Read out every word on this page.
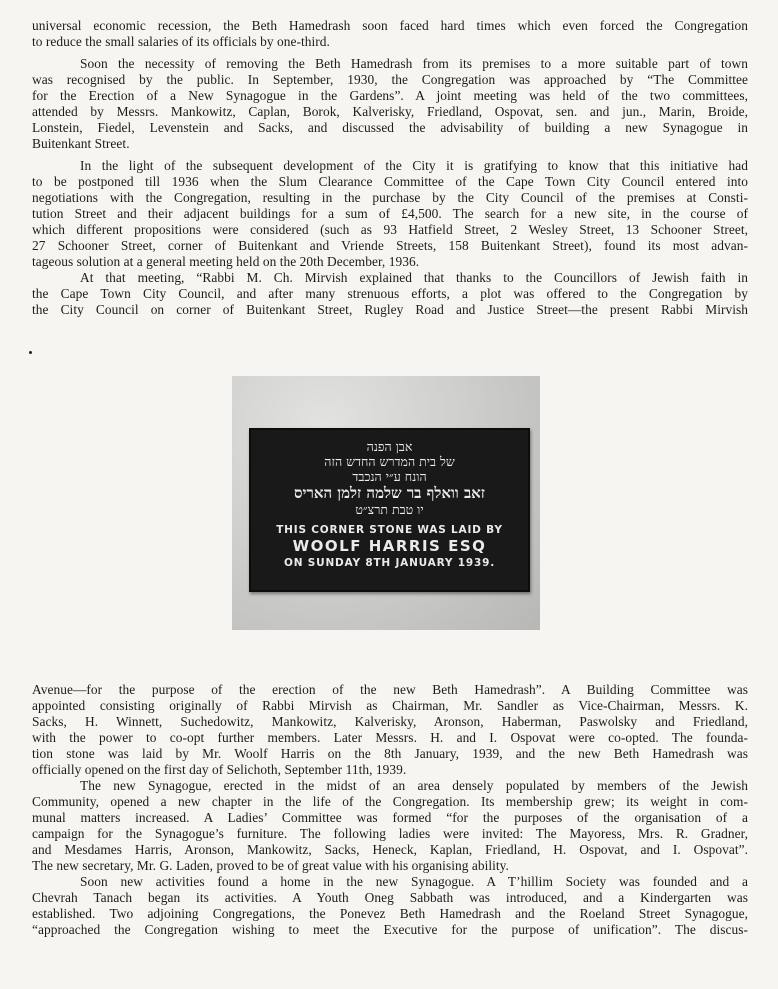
universal economic recession, the Beth Hamedrash soon faced hard times which even forced the Congregation
to reduce the small salaries of its officials by one-third.

Soon the necessity of removing the Beth Hamedrash from its premises to a more suitable part of town
was recognised by the public. In September, 1930, the Congregation was approached by “The Committee
for the Erection of a New Synagogue in the Gardens”. A joint meeting was held of the two committees,
attended by Messrs. Mankowitz, Caplan, Borok, Kalverisky, Friedland, Ospovat, sen. and jun., Marin, Broide,
Lonstein, Fiedel, Levenstein and Sacks, and discussed the advisability of building a new Synagogue in
Buitenkant Street.

In the light of the subsequent development of the City it is gratifying to know that this initiative had
to be postponed till 1936 when the Slum Clearance Committee of the Cape Town City Council entered into
negotiations with the Congregation, resulting in the purchase by the City Council of the premises at Consti-
tution Street and their adjacent buildings for a sum of £4,500. The search for a new site, in the course of
which different propositions were considered (such as 93 Hatfield Street, 2 Wesley Street, 13 Schooner Street,
27 Schooner Street, corner of Buitenkant and Vriende Streets, 158 Buitenkant Street), found its most advan-
tageous solution at a general meeting held on the 20th December, 1936.

At that meeting, “Rabbi M. Ch. Mirvish explained that thanks to the Councillors of Jewish faith in
the Cape Town City Council, and after many strenuous efforts, a plot was offered to the Congregation by
the City Council on corner of Buitenkant Street, Rugley Road and Justice Street—the present Rabbi Mirvish

אבן הפנה
של בית המדרש החדש הזה
הונח ע״י הנכבד
זאב וואלף בר שלמה זלמן האריס
יו טבת תרצ״ט
THIS CORNER STONE WAS LAID BY
WOOLF HARRIS ESQ
ON SUNDAY 8TH JANUARY 1939.

Avenue—for the purpose of the erection of the new Beth Hamedrash”. A Building Committee was
appointed consisting originally of Rabbi Mirvish as Chairman, Mr. Sandler as Vice-Chairman, Messrs. K.
Sacks, H. Winnett, Suchedowitz, Mankowitz, Kalverisky, Aronson, Haberman, Paswolsky and Friedland,
with the power to co-opt further members. Later Messrs. H. and I. Ospovat were co-opted. The founda-
tion stone was laid by Mr. Woolf Harris on the 8th January, 1939, and the new Beth Hamedrash was
officially opened on the first day of Selichoth, September 11th, 1939.

The new Synagogue, erected in the midst of an area densely populated by members of the Jewish
Community, opened a new chapter in the life of the Congregation. Its membership grew; its weight in com-
munal matters increased. A Ladies’ Committee was formed “for the purposes of the organisation of a
campaign for the Synagogue’s furniture. The following ladies were invited: The Mayoress, Mrs. R. Gradner,
and Mesdames Harris, Aronson, Mankowitz, Sacks, Heneck, Kaplan, Friedland, H. Ospovat, and I. Ospovat”.
The new secretary, Mr. G. Laden, proved to be of great value with his organising ability.

Soon new activities found a home in the new Synagogue. A T’hillim Society was founded and a
Chevrah Tanach began its activities. A Youth Oneg Sabbath was introduced, and a Kindergarten was
established. Two adjoining Congregations, the Ponevez Beth Hamedrash and the Roeland Street Synagogue,
“approached the Congregation wishing to meet the Executive for the purpose of unification”. The discus-
